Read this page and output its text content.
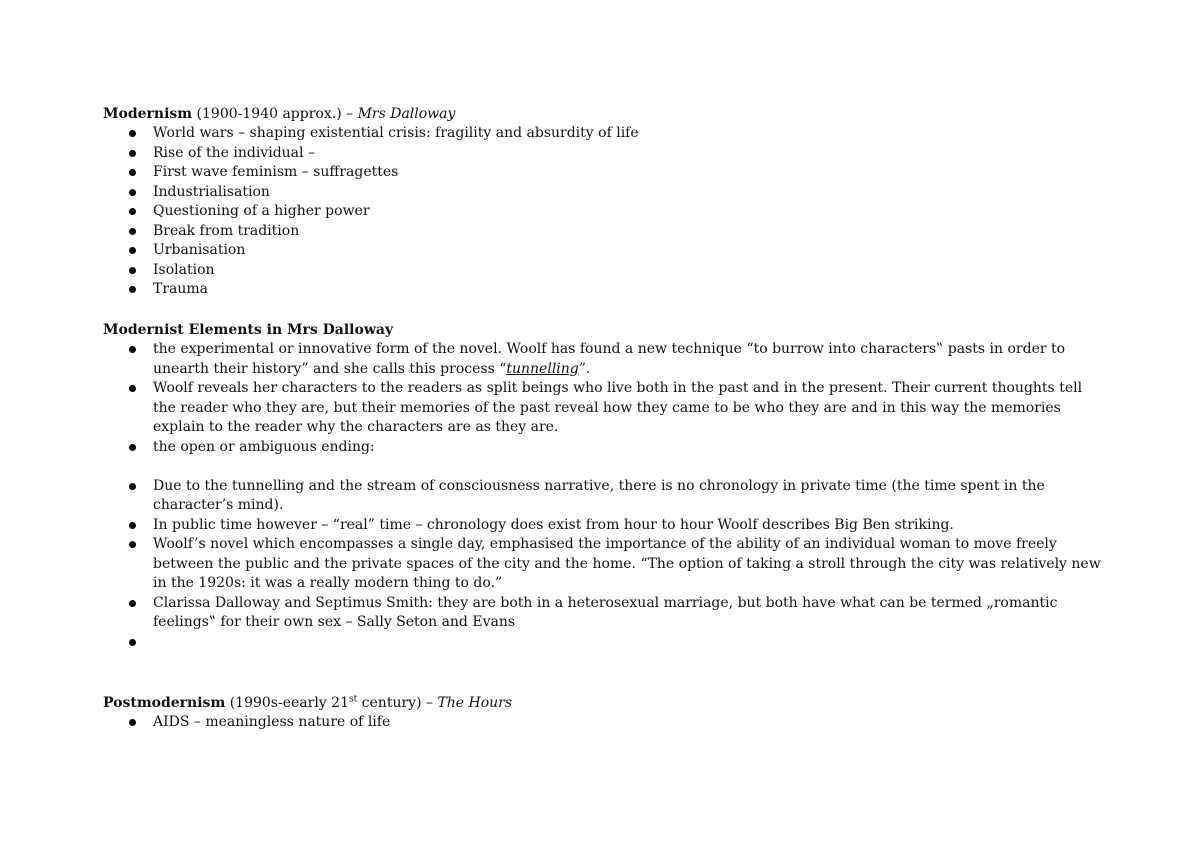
Modernism (1900-1940 approx.) – Mrs Dalloway
World wars – shaping existential crisis: fragility and absurdity of life
Rise of the individual –
First wave feminism – suffragettes
Industrialisation
Questioning of a higher power
Break from tradition
Urbanisation
Isolation
Trauma
Modernist Elements in Mrs Dalloway
the experimental or innovative form of the novel. Woolf has found a new technique “to burrow into characters‟ pasts in order to unearth their history” and she calls this process “tunnelling”.
Woolf reveals her characters to the readers as split beings who live both in the past and in the present. Their current thoughts tell the reader who they are, but their memories of the past reveal how they came to be who they are and in this way the memories explain to the reader why the characters are as they are.
the open or ambiguous ending:
Due to the tunnelling and the stream of consciousness narrative, there is no chronology in private time (the time spent in the character’s mind).
In public time however – “real” time – chronology does exist from hour to hour Woolf describes Big Ben striking.
Woolf’s novel which encompasses a single day, emphasised the importance of the ability of an individual woman to move freely between the public and the private spaces of the city and the home. “The option of taking a stroll through the city was relatively new in the 1920s: it was a really modern thing to do.”
Clarissa Dalloway and Septimus Smith: they are both in a heterosexual marriage, but both have what can be termed „romantic feelings‟ for their own sex – Sally Seton and Evans
Postmodernism (1990s-eearly 21st century) – The Hours
AIDS – meaningless nature of life
